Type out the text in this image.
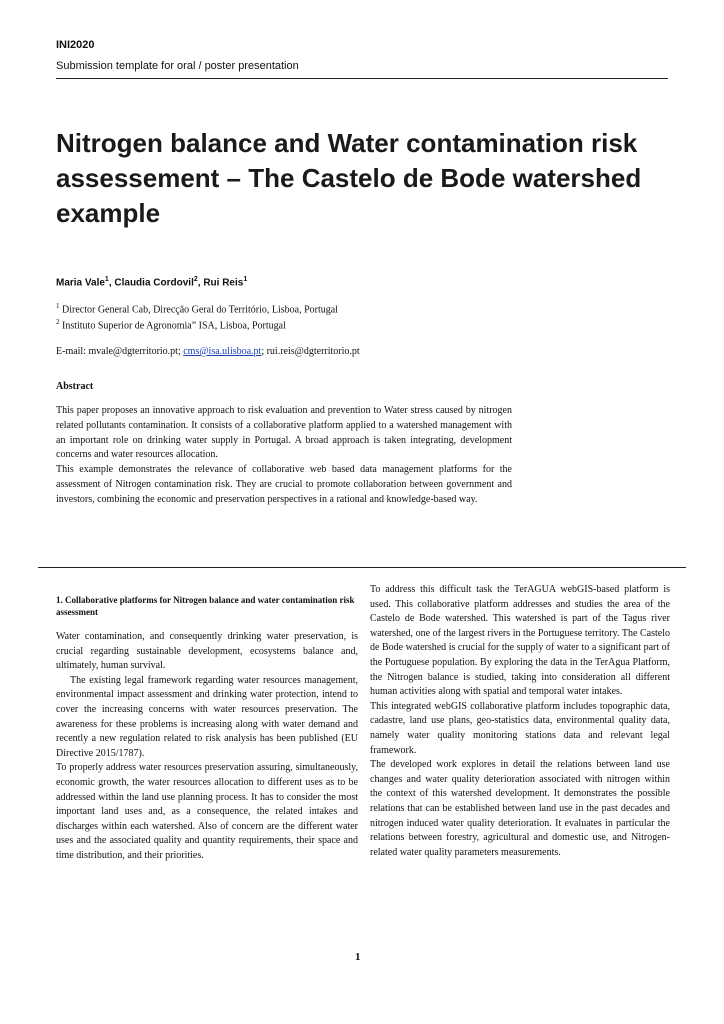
INI2020
Submission template for oral / poster presentation
Nitrogen balance and Water contamination risk assessement – The Castelo de Bode watershed example
Maria Vale$^1$, Claudia Cordovil$^2$, Rui Reis$^1$
$^1$ Director General Cab, Direcção Geral do Território, Lisboa, Portugal
$^2$ Instituto Superior de Agronomia” ISA, Lisboa, Portugal
E-mail: mvale@dgterritorio.pt; cms@isa.ulisboa.pt; rui.reis@dgterritorio.pt
Abstract

This paper proposes an innovative approach to risk evaluation and prevention to Water stress caused by nitrogen related pollutants contamination. It consists of a collaborative platform applied to a watershed management with an important role on drinking water supply in Portugal. A broad approach is taken integrating, development concerns and water resources allocation.

This example demonstrates the relevance of collaborative web based data management platforms for the assessment of Nitrogen contamination risk. They are crucial to promote collaboration between government and investors, combining the economic and preservation perspectives in a rational and knowledge-based way.

1. Collaborative platforms for Nitrogen balance and water contamination risk assessment

Water contamination, and consequently drinking water preservation, is crucial regarding sustainable development, ecosystems balance and, ultimately, human survival.

The existing legal framework regarding water resources management, environmental impact assessment and drinking water protection, intend to cover the increasing concerns with water resources preservation. The awareness for these problems is increasing along with water demand and recently a new regulation related to risk analysis has been published (EU Directive 2015/1787).

To properly address water resources preservation assuring, simultaneously, economic growth, the water resources allocation to different uses as to be addressed within the land use planning process. It has to consider the most important land uses and, as a consequence, the related intakes and discharges within each watershed. Also of concern are the different water uses and the associated quality and quantity requirements, their space and time distribution, and their priorities.

To address this difficult task the TerAGUA webGIS-based platform is used. This collaborative platform addresses and studies the area of the Castelo de Bode watershed. This watershed is part of the Tagus river watershed, one of the largest rivers in the Portuguese territory. The Castelo de Bode watershed is crucial for the supply of water to a significant part of the Portuguese population. By exploring the data in the TerAgua Platform, the Nitrogen balance is studied, taking into consideration all different human activities along with spatial and temporal water intakes.

This integrated webGIS collaborative platform includes topographic data, cadastre, land use plans, geo-statistics data, environmental quality data, namely water quality monitoring stations data and relevant legal framework.

The developed work explores in detail the relations between land use changes and water quality deterioration associated with nitrogen within the context of this watershed development. It demonstrates the possible relations that can be established between land use in the past decades and nitrogen induced water quality deterioration. It evaluates in particular the relations between forestry, agricultural and domestic use, and Nitrogen-related water quality parameters measurements.

1
